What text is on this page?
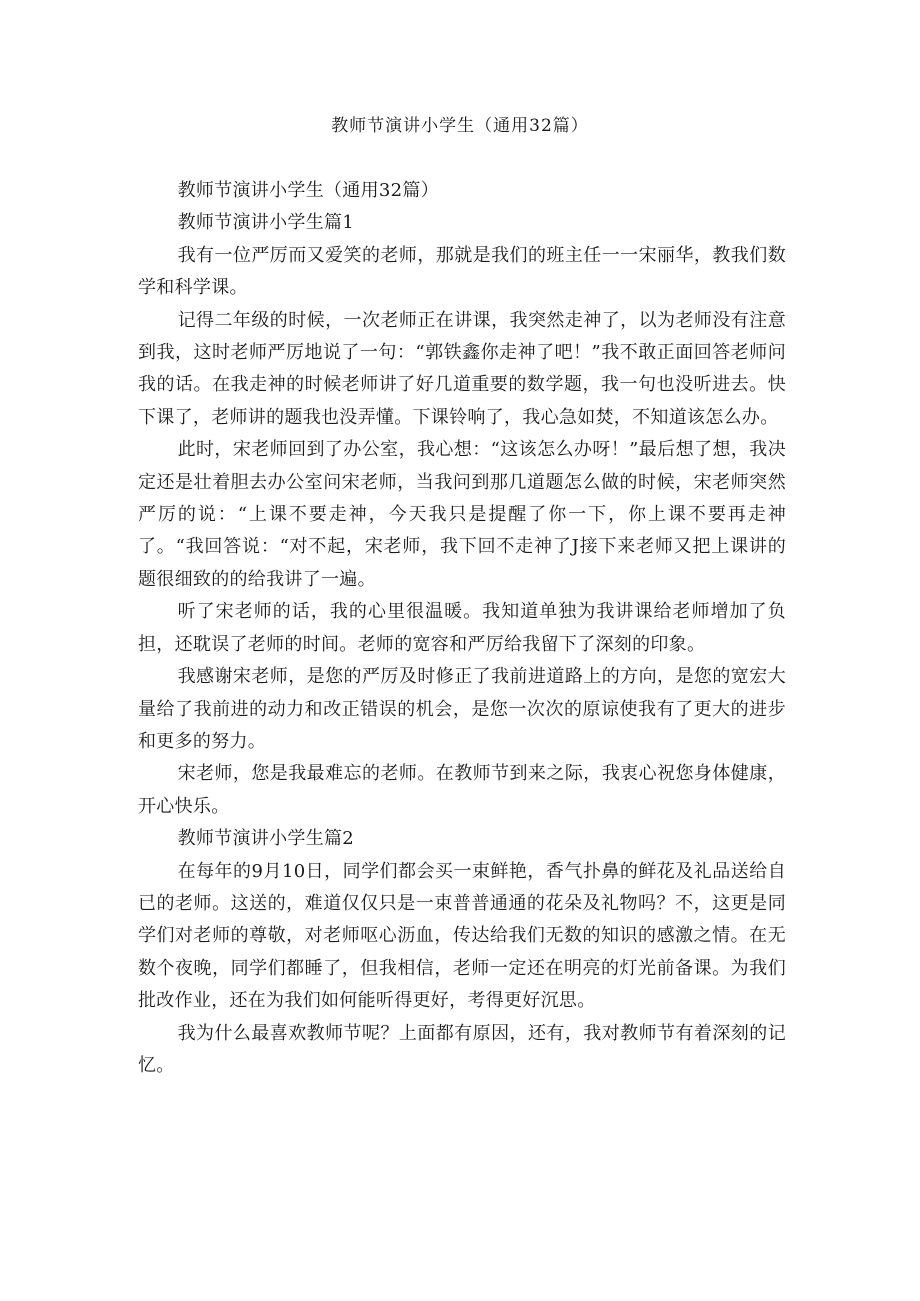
教师节演讲小学生（通用32篇）

教师节演讲小学生（通用32篇）

教师节演讲小学生篇1

我有一位严厉而又爱笑的老师，那就是我们的班主任一一宋丽华，教我们数学和科学课。

记得二年级的时候，一次老师正在讲课，我突然走神了，以为老师没有注意到我，这时老师严厉地说了一句：“郭铁鑫你走神了吧！”我不敢正面回答老师问我的话。在我走神的时候老师讲了好几道重要的数学题，我一句也没听进去。快下课了，老师讲的题我也没弄懂。下课铃响了，我心急如焚，不知道该怎么办。

此时，宋老师回到了办公室，我心想：“这该怎么办呀！”最后想了想，我决定还是壮着胆去办公室问宋老师，当我问到那几道题怎么做的时候，宋老师突然严厉的说：“上课不要走神，今天我只是提醒了你一下，你上课不要再走神了。“我回答说：“对不起，宋老师，我下回不走神了J接下来老师又把上课讲的题很细致的的给我讲了一遍。

听了宋老师的话，我的心里很温暖。我知道单独为我讲课给老师增加了负担，还耽误了老师的时间。老师的宽容和严厉给我留下了深刻的印象。

我感谢宋老师，是您的严厉及时修正了我前进道路上的方向，是您的宽宏大量给了我前进的动力和改正错误的机会，是您一次次的原谅使我有了更大的进步和更多的努力。

宋老师，您是我最难忘的老师。在教师节到来之际，我衷心祝您身体健康，开心快乐。

教师节演讲小学生篇2

在每年的9月10日，同学们都会买一束鲜艳，香气扑鼻的鲜花及礼品送给自已的老师。这送的，难道仅仅只是一束普普通通的花朵及礼物吗？不，这更是同学们对老师的尊敬，对老师呕心沥血，传达给我们无数的知识的感激之情。在无数个夜晚，同学们都睡了，但我相信，老师一定还在明亮的灯光前备课。为我们批改作业，还在为我们如何能听得更好，考得更好沉思。

我为什么最喜欢教师节呢？上面都有原因，还有，我对教师节有着深刻的记忆。
